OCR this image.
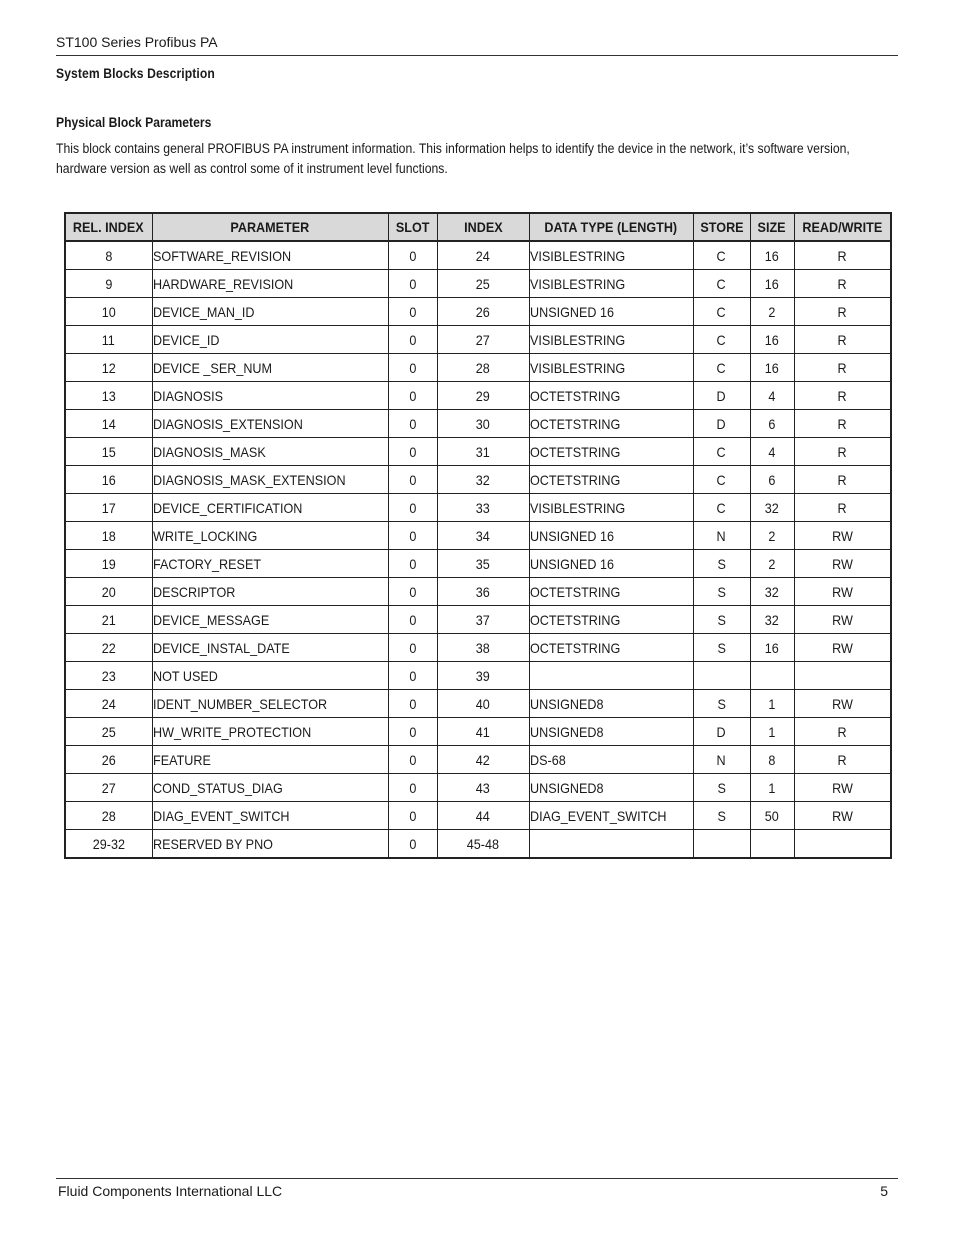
ST100 Series Profibus PA
System Blocks Description
Physical Block Parameters

This block contains general PROFIBUS PA instrument information. This information helps to identify the device in the network, it’s software version, hardware version as well as control some of it instrument level functions.

REL. INDEX	PARAMETER	SLOT	INDEX	DATA TYPE (LENGTH)	STORE	SIZE	READ/WRITE
8	SOFTWARE_REVISION	0	24	VISIBLESTRING	C	16	R
9	HARDWARE_REVISION	0	25	VISIBLESTRING	C	16	R
10	DEVICE_MAN_ID	0	26	UNSIGNED 16	C	2	R
11	DEVICE_ID	0	27	VISIBLESTRING	C	16	R
12	DEVICE _SER_NUM	0	28	VISIBLESTRING	C	16	R
13	DIAGNOSIS	0	29	OCTETSTRING	D	4	R
14	DIAGNOSIS_EXTENSION	0	30	OCTETSTRING	D	6	R
15	DIAGNOSIS_MASK	0	31	OCTETSTRING	C	4	R
16	DIAGNOSIS_MASK_EXTENSION	0	32	OCTETSTRING	C	6	R
17	DEVICE_CERTIFICATION	0	33	VISIBLESTRING	C	32	R
18	WRITE_LOCKING	0	34	UNSIGNED 16	N	2	RW
19	FACTORY_RESET	0	35	UNSIGNED 16	S	2	RW
20	DESCRIPTOR	0	36	OCTETSTRING	S	32	RW
21	DEVICE_MESSAGE	0	37	OCTETSTRING	S	32	RW
22	DEVICE_INSTAL_DATE	0	38	OCTETSTRING	S	16	RW
23	NOT USED	0	39				
24	IDENT_NUMBER_SELECTOR	0	40	UNSIGNED8	S	1	RW
25	HW_WRITE_PROTECTION	0	41	UNSIGNED8	D	1	R
26	FEATURE	0	42	DS-68	N	8	R
27	COND_STATUS_DIAG	0	43	UNSIGNED8	S	1	RW
28	DIAG_EVENT_SWITCH	0	44	DIAG_EVENT_SWITCH	S	50	RW
29-32	RESERVED BY PNO	0	45-48				
Fluid Components International LLC	5
